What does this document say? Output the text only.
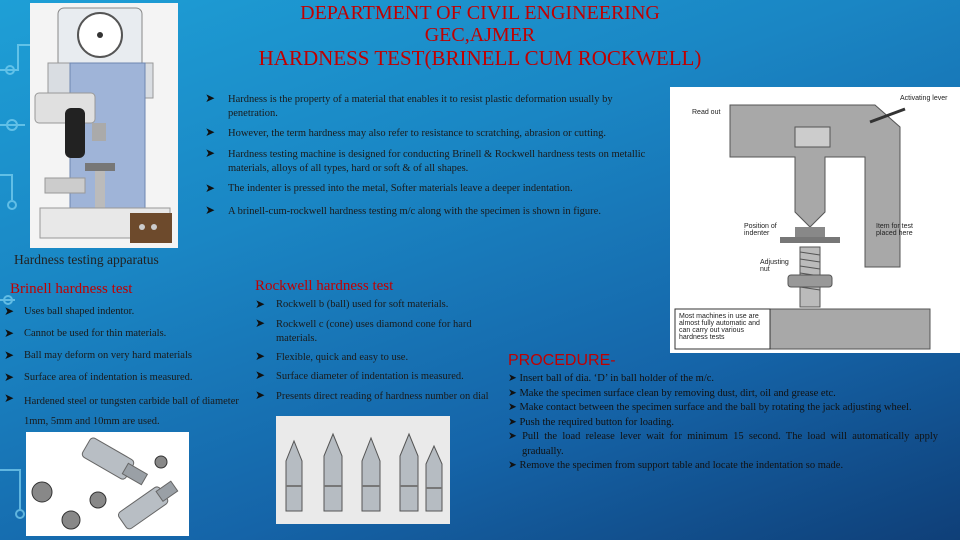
DEPARTMENT OF CIVIL ENGINEERING
GEC,AJMER
HARDNESS TEST(BRINELL CUM ROCKWELL)
➤ Hardness is the property of a material that enables it to resist plastic deformation usually by penetration.
➤ However, the term hardness may also refer to resistance to scratching, abrasion or cutting.
➤ Hardness testing machine is designed for conducting Brinell & Rockwell hardness tests on metallic materials, alloys of all types, hard or soft & of all shapes.
➤ The indenter is pressed into the metal, Softer materials leave a deeper indentation.
➤ A brinell-cum-rockwell hardness testing m/c along with the specimen is shown in figure.
Read out
Activating lever
Position of indenter
Item for test placed here
Adjusting nut
Most machines in use are almost fully automatic and can carry out various hardness tests
Hardness testing apparatus
Brinell hardness test
➤ Uses ball shaped indentor.
➤ Cannot be used for thin materials.
➤ Ball may deform on very hard materials
➤ Surface area of indentation is measured.
➤ Hardened steel or tungsten carbide ball of diameter 1mm, 5mm and 10mm are used.
Rockwell hardness test
➤ Rockwell b (ball) used for soft materials.
➤ Rockwell c (cone) uses diamond cone for hard materials.
➤ Flexible, quick and easy to use.
➤ Surface diameter of indentation is measured.
➤ Presents direct reading of hardness number on dial
PROCEDURE-
➤ Insert ball of dia. ‘D’ in ball holder of the m/c.
➤ Make the specimen surface clean by removing dust, dirt, oil and grease etc.
➤ Make contact between the specimen surface and the ball by rotating the jack adjusting wheel.
➤ Push the required button for loading.
➤ Pull the load release lever wait for minimum 15 second. The load will automatically apply gradually.
➤ Remove the specimen from support table and locate the indentation so made.
